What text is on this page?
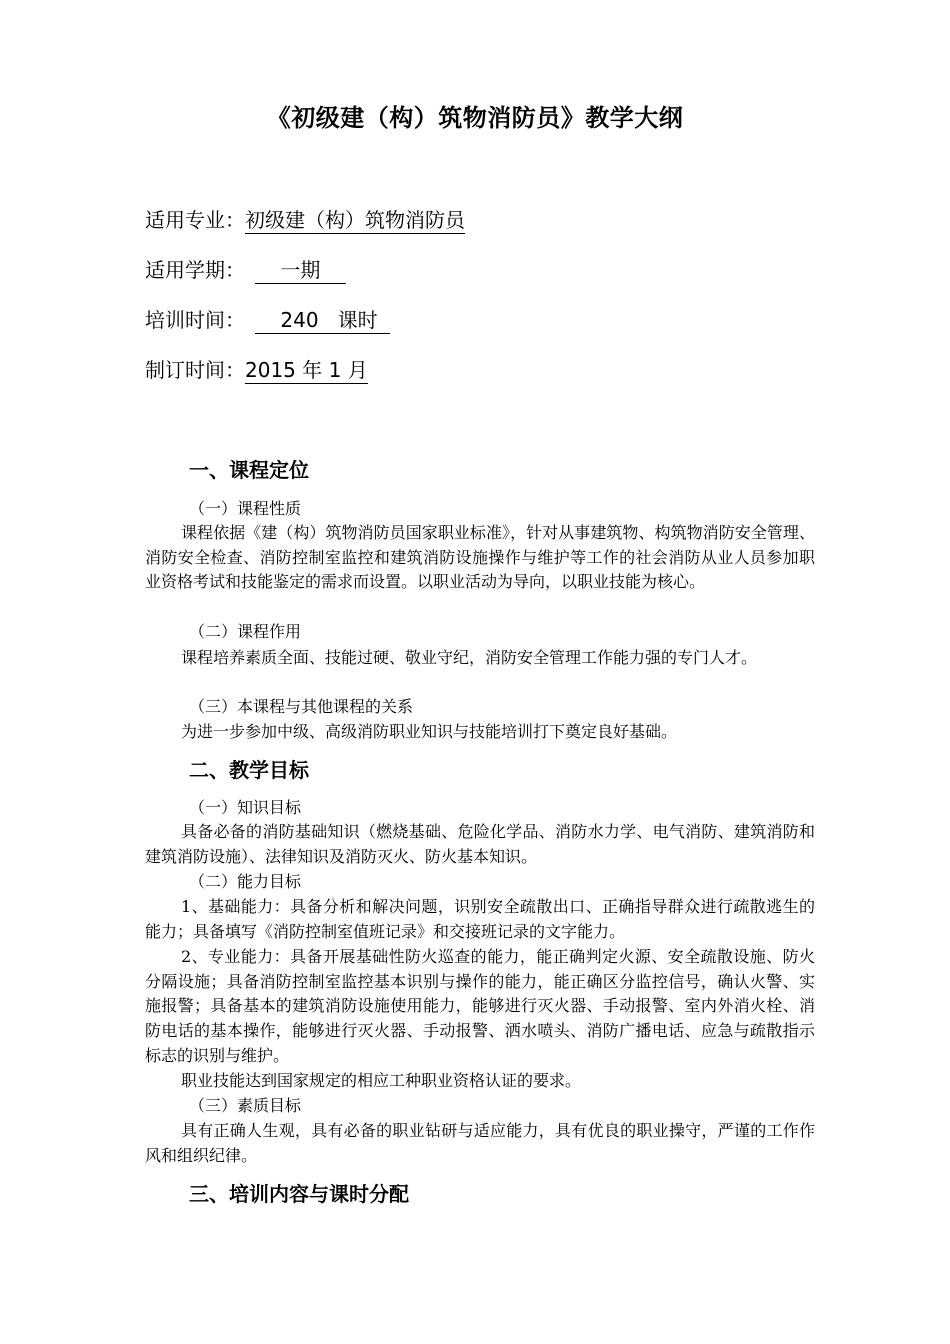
《初级建（构）筑物消防员》教学大纲
适用专业：初级建（构）筑物消防员
适用学期：    一期
培训时间：    240   课时
制订时间：2015 年 1 月
一、课程定位
（一）课程性质
课程依据《建（构）筑物消防员国家职业标准》，针对从事建筑物、构筑物消防安全管理、消防安全检查、消防控制室监控和建筑消防设施操作与维护等工作的社会消防从业人员参加职业资格考试和技能鉴定的需求而设置。以职业活动为导向，以职业技能为核心。
（二）课程作用
课程培养素质全面、技能过硬、敬业守纪，消防安全管理工作能力强的专门人才。
（三）本课程与其他课程的关系
为进一步参加中级、高级消防职业知识与技能培训打下奠定良好基础。
二、教学目标
（一）知识目标
具备必备的消防基础知识（燃烧基础、危险化学品、消防水力学、电气消防、建筑消防和建筑消防设施）、法律知识及消防灭火、防火基本知识。
（二）能力目标
1、基础能力：具备分析和解决问题，识别安全疏散出口、正确指导群众进行疏散逃生的能力；具备填写《消防控制室值班记录》和交接班记录的文字能力。
2、专业能力：具备开展基础性防火巡查的能力，能正确判定火源、安全疏散设施、防火分隔设施；具备消防控制室监控基本识别与操作的能力，能正确区分监控信号，确认火警、实施报警；具备基本的建筑消防设施使用能力，能够进行灭火器、手动报警、室内外消火栓、消防电话的基本操作，能够进行灭火器、手动报警、洒水喷头、消防广播电话、应急与疏散指示标志的识别与维护。
职业技能达到国家规定的相应工种职业资格认证的要求。
（三）素质目标
具有正确人生观，具有必备的职业钻研与适应能力，具有优良的职业操守，严谨的工作作风和组织纪律。
三、培训内容与课时分配
